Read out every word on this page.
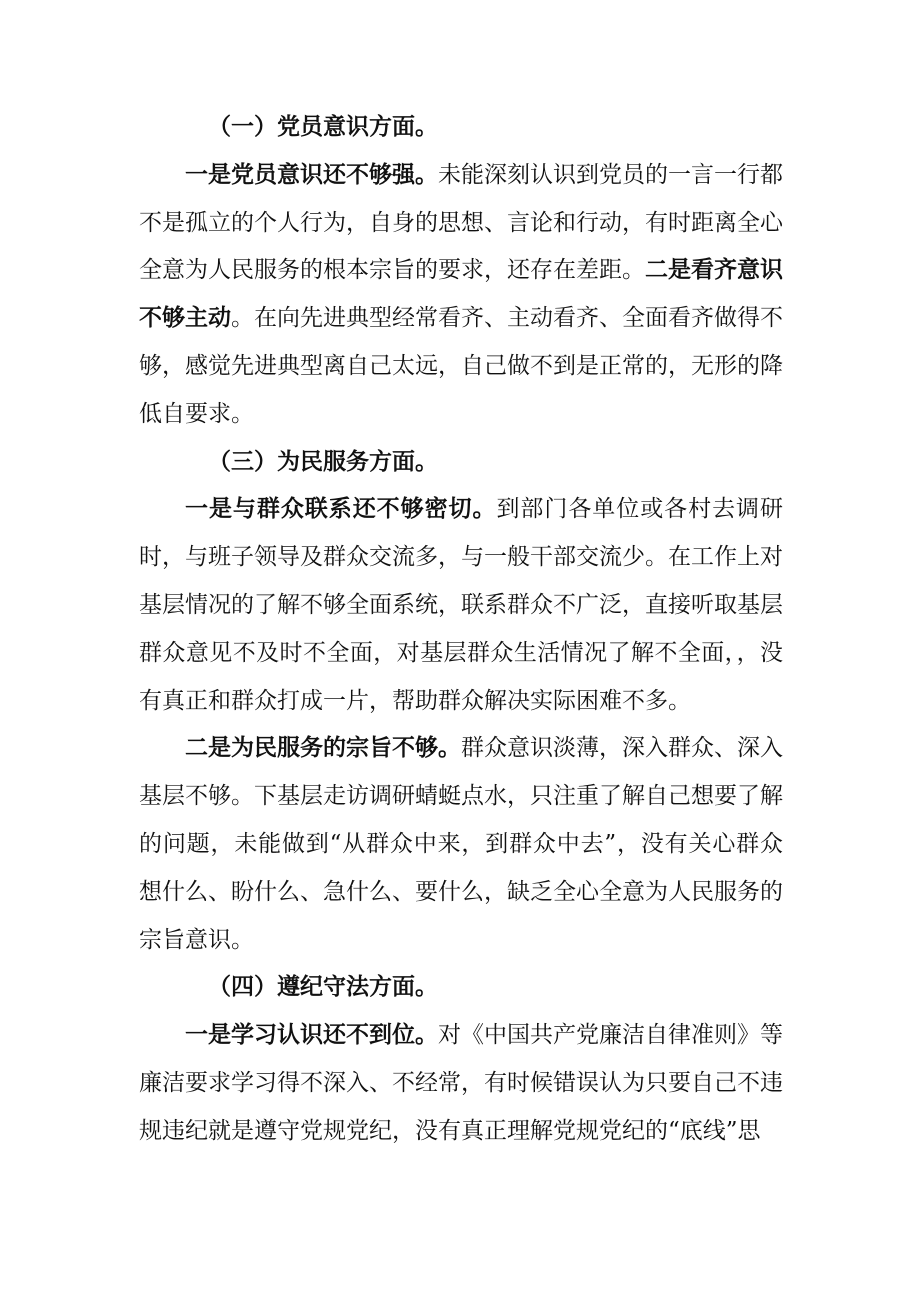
（一）党员意识方面。

一是党员意识还不够强。未能深刻认识到党员的一言一行都不是孤立的个人行为，自身的思想、言论和行动，有时距离全心全意为人民服务的根本宗旨的要求，还存在差距。二是看齐意识不够主动。在向先进典型经常看齐、主动看齐、全面看齐做得不够，感觉先进典型离自己太远，自己做不到是正常的，无形的降低自要求。

（三）为民服务方面。

一是与群众联系还不够密切。到部门各单位或各村去调研时，与班子领导及群众交流多，与一般干部交流少。在工作上对基层情况的了解不够全面系统，联系群众不广泛，直接听取基层群众意见不及时不全面，对基层群众生活情况了解不全面，，没有真正和群众打成一片，帮助群众解决实际困难不多。

二是为民服务的宗旨不够。群众意识淡薄，深入群众、深入基层不够。下基层走访调研蜻蜓点水，只注重了解自己想要了解的问题，未能做到“从群众中来，到群众中去”，没有关心群众想什么、盼什么、急什么、要什么，缺乏全心全意为人民服务的宗旨意识。

（四）遵纪守法方面。

一是学习认识还不到位。对《中国共产党廉洁自律准则》等廉洁要求学习得不深入、不经常，有时候错误认为只要自己不违规违纪就是遵守党规党纪，没有真正理解党规党纪的“底线”思
